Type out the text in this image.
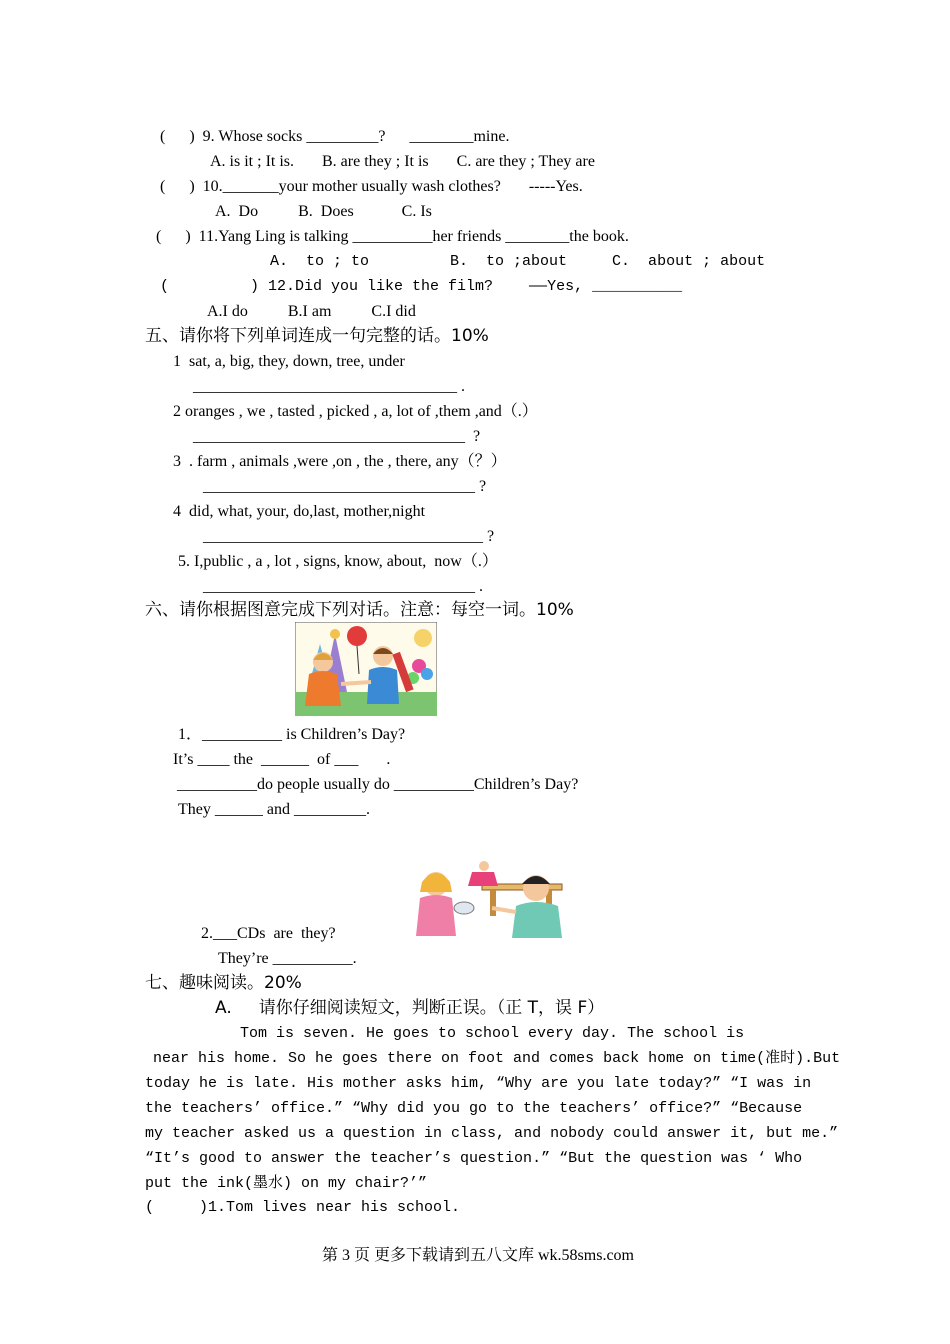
(      )  9. Whose socks _________?      ________mine.
A. is it ; It is.       B. are they ; It is       C. are they ; They are
(      )  10._______your mother usually wash clothes?       -----Yes.
A.  Do          B.  Does            C. Is
(      )  11.Yang Ling is talking __________her friends ________the book.
A.  to ; to         B.  to ;about     C.  about ; about
(         ) 12.Did you like the film?    ——Yes, __________
A.I do          B.I am          C.I did
五、请你将下列单词连成一句完整的话。10%
1  sat, a, big, they, down, tree, under
_________________________________ .
2 oranges , we , tasted , picked , a, lot of ,them ,and（.）
__________________________________  ?
3  . farm , animals ,were ,on , the , there, any（？）
__________________________________ ?
4  did, what, your, do,last, mother,night
___________________________________ ?
5. I,public , a , lot , signs, know, about,  now（.）
__________________________________ .
六、请你根据图意完成下列对话。注意：每空一词。10%
1．__________ is Children’s Day?
It’s ____ the  ______  of ___       .
__________do people usually do __________Children’s Day?
They ______ and _________.
2.___CDs  are  they?
They’re __________.
七、趣味阅读。20%
A.     请你仔细阅读短文，判断正误。（正 T，误 F）
Tom is seven. He goes to school every day. The school is
near his home. So he goes there on foot and comes back home on time(准时).But
today he is late. His mother asks him, “Why are you late today?” “I was in
the teachers’ office.” “Why did you go to the teachers’ office?” “Because
my teacher asked us a question in class, and nobody could answer it, but me.”
“It’s good to answer the teacher’s question.” “But the question was ‘ Who
put the ink(墨水) on my chair?’”
(     )1.Tom lives near his school.
第 3 页 更多下载请到五八文库 wk.58sms.com
